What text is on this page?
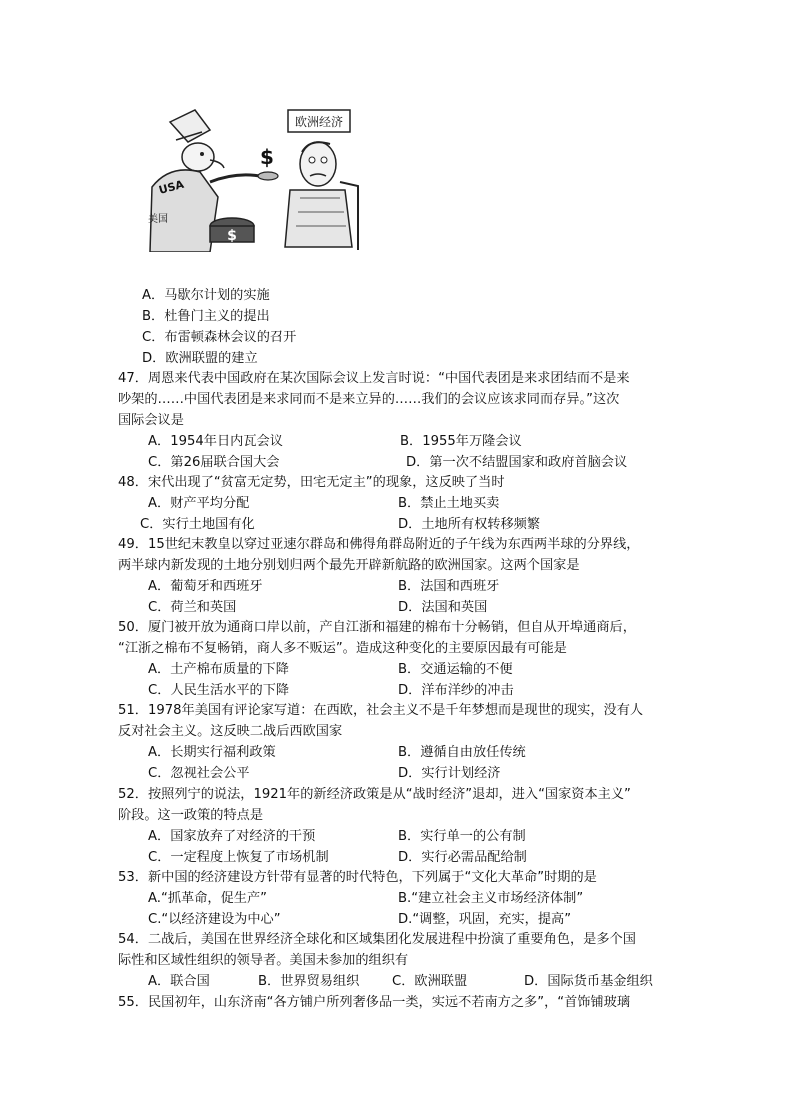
欧洲经济
USA
美国
$
$
A．马歇尔计划的实施
B．杜鲁门主义的提出
C．布雷顿森林会议的召开
D．欧洲联盟的建立
47．周恩来代表中国政府在某次国际会议上发言时说：“中国代表团是来求团结而不是来
吵架的……中国代表团是来求同而不是来立异的……我们的会议应该求同而存异。”这次
国际会议是
A．1954年日内瓦会议	B．1955年万隆会议
C．第26届联合国大会	D．第一次不结盟国家和政府首脑会议
48．宋代出现了“贫富无定势，田宅无定主”的现象，这反映了当时
A．财产平均分配	B．禁止土地买卖
C．实行土地国有化	D．土地所有权转移频繁
49．15世纪末教皇以穿过亚速尔群岛和佛得角群岛附近的子午线为东西两半球的分界线，
两半球内新发现的土地分别划归两个最先开辟新航路的欧洲国家。这两个国家是
A．葡萄牙和西班牙	B．法国和西班牙
C．荷兰和英国	D．法国和英国
50．厦门被开放为通商口岸以前，产自江浙和福建的棉布十分畅销，但自从开埠通商后，
“江浙之棉布不复畅销，商人多不贩运”。造成这种变化的主要原因最有可能是
A．土产棉布质量的下降	B．交通运输的不便
C．人民生活水平的下降	D．洋布洋纱的冲击
51．1978年美国有评论家写道：在西欧，社会主义不是千年梦想而是现世的现实，没有人
反对社会主义。这反映二战后西欧国家
A．长期实行福利政策	B．遵循自由放任传统
C．忽视社会公平	D．实行计划经济
52．按照列宁的说法，1921年的新经济政策是从“战时经济”退却，进入“国家资本主义”
阶段。这一政策的特点是
A．国家放弃了对经济的干预	B．实行单一的公有制
C．一定程度上恢复了市场机制	D．实行必需品配给制
53．新中国的经济建设方针带有显著的时代特色，下列属于“文化大革命”时期的是
A.“抓革命，促生产”	B.“建立社会主义市场经济体制”
C.“以经济建设为中心”	D.“调整，巩固，充实，提高”
54．二战后，美国在世界经济全球化和区域集团化发展进程中扮演了重要角色，是多个国
际性和区域性组织的领导者。美国未参加的组织有
A．联合国	B．世界贸易组织 C．欧洲联盟	D．国际货币基金组织
55．民国初年，山东济南“各方铺户所列奢侈品一类，实远不若南方之多”，“首饰铺玻璃
